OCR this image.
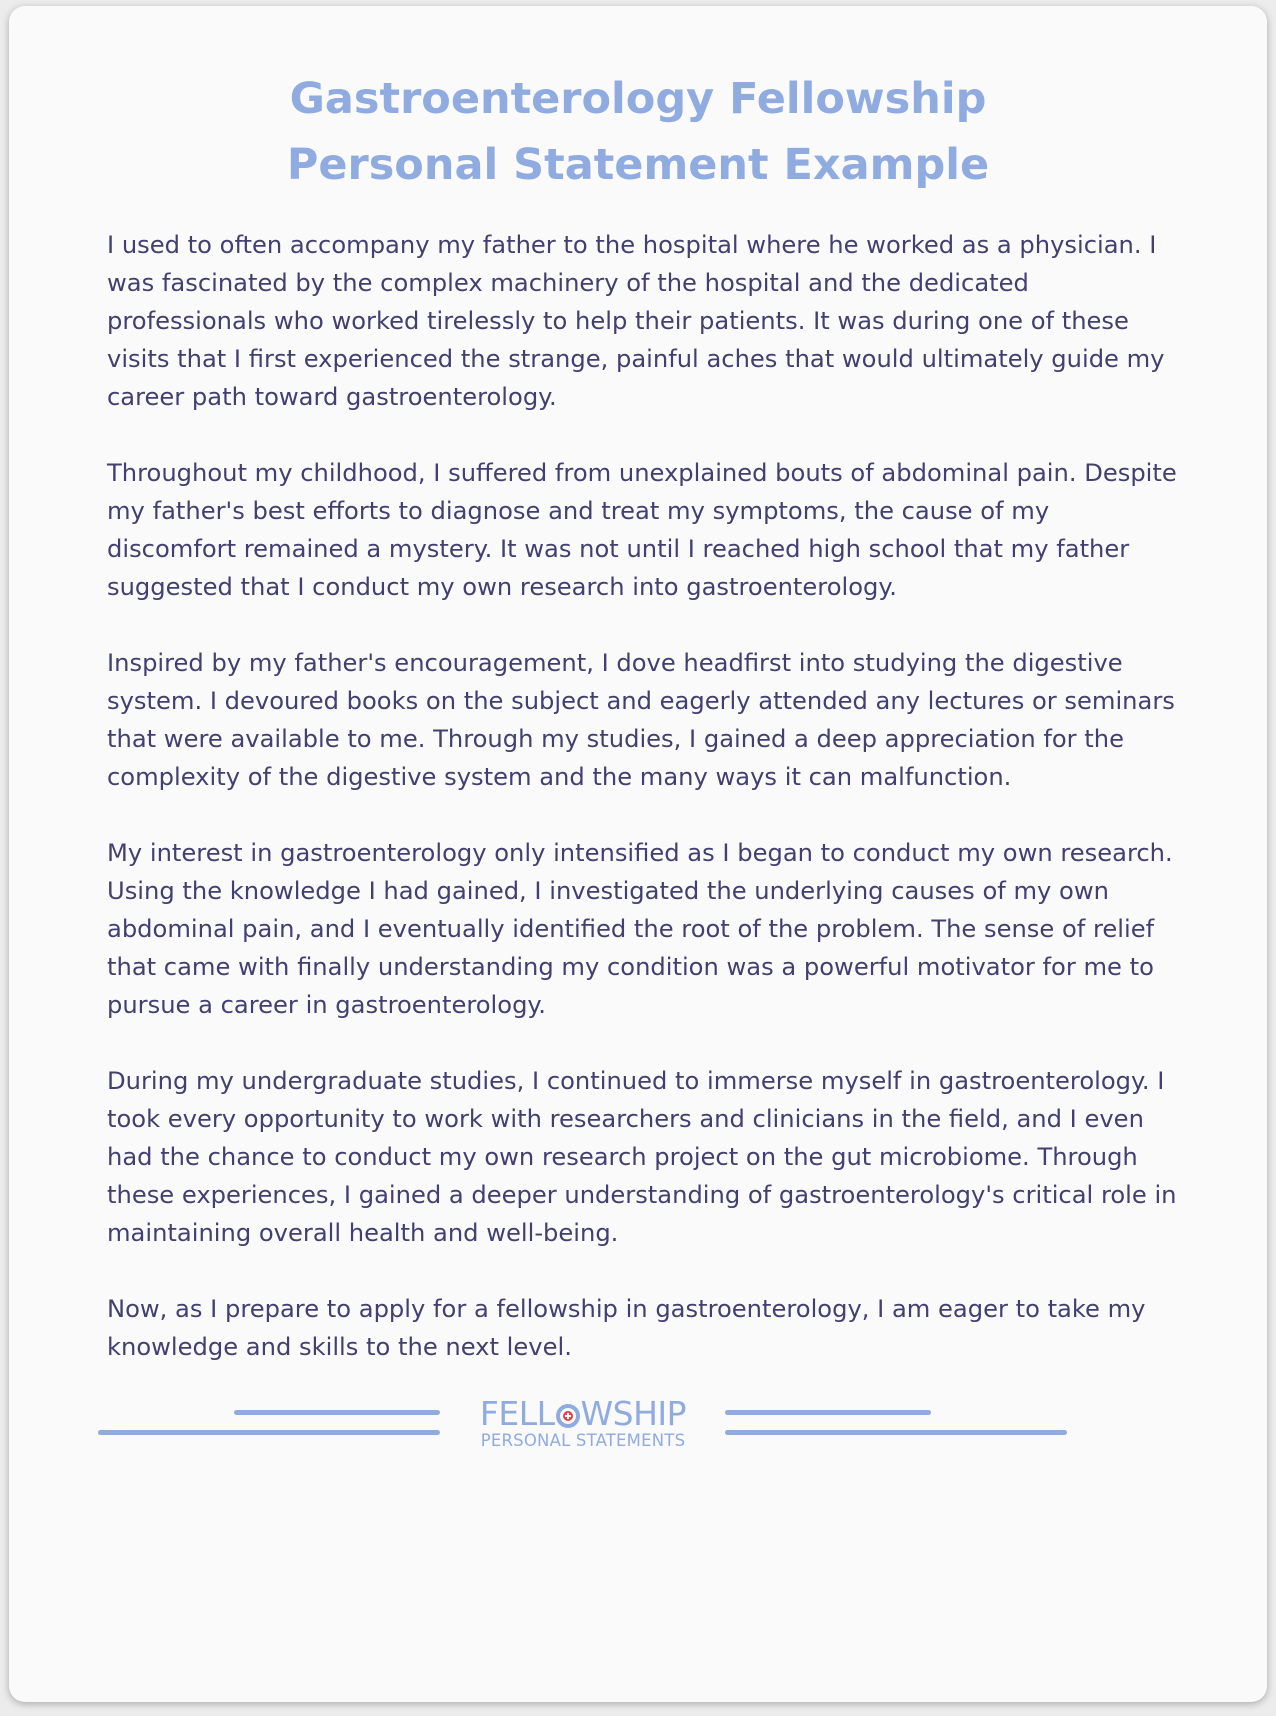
Gastroenterology Fellowship
Personal Statement Example

I used to often accompany my father to the hospital where he worked as a physician. I was fascinated by the complex machinery of the hospital and the dedicated professionals who worked tirelessly to help their patients. It was during one of these visits that I first experienced the strange, painful aches that would ultimately guide my career path toward gastroenterology.

Throughout my childhood, I suffered from unexplained bouts of abdominal pain. Despite my father's best efforts to diagnose and treat my symptoms, the cause of my discomfort remained a mystery. It was not until I reached high school that my father suggested that I conduct my own research into gastroenterology.

Inspired by my father's encouragement, I dove headfirst into studying the digestive system. I devoured books on the subject and eagerly attended any lectures or seminars that were available to me. Through my studies, I gained a deep appreciation for the complexity of the digestive system and the many ways it can malfunction.

My interest in gastroenterology only intensified as I began to conduct my own research. Using the knowledge I had gained, I investigated the underlying causes of my own abdominal pain, and I eventually identified the root of the problem. The sense of relief that came with finally understanding my condition was a powerful motivator for me to pursue a career in gastroenterology.

During my undergraduate studies, I continued to immerse myself in gastroenterology. I took every opportunity to work with researchers and clinicians in the field, and I even had the chance to conduct my own research project on the gut microbiome. Through these experiences, I gained a deeper understanding of gastroenterology's critical role in maintaining overall health and well-being.

Now, as I prepare to apply for a fellowship in gastroenterology, I am eager to take my knowledge and skills to the next level.

FELL WSHIP
PERSONAL STATEMENTS
